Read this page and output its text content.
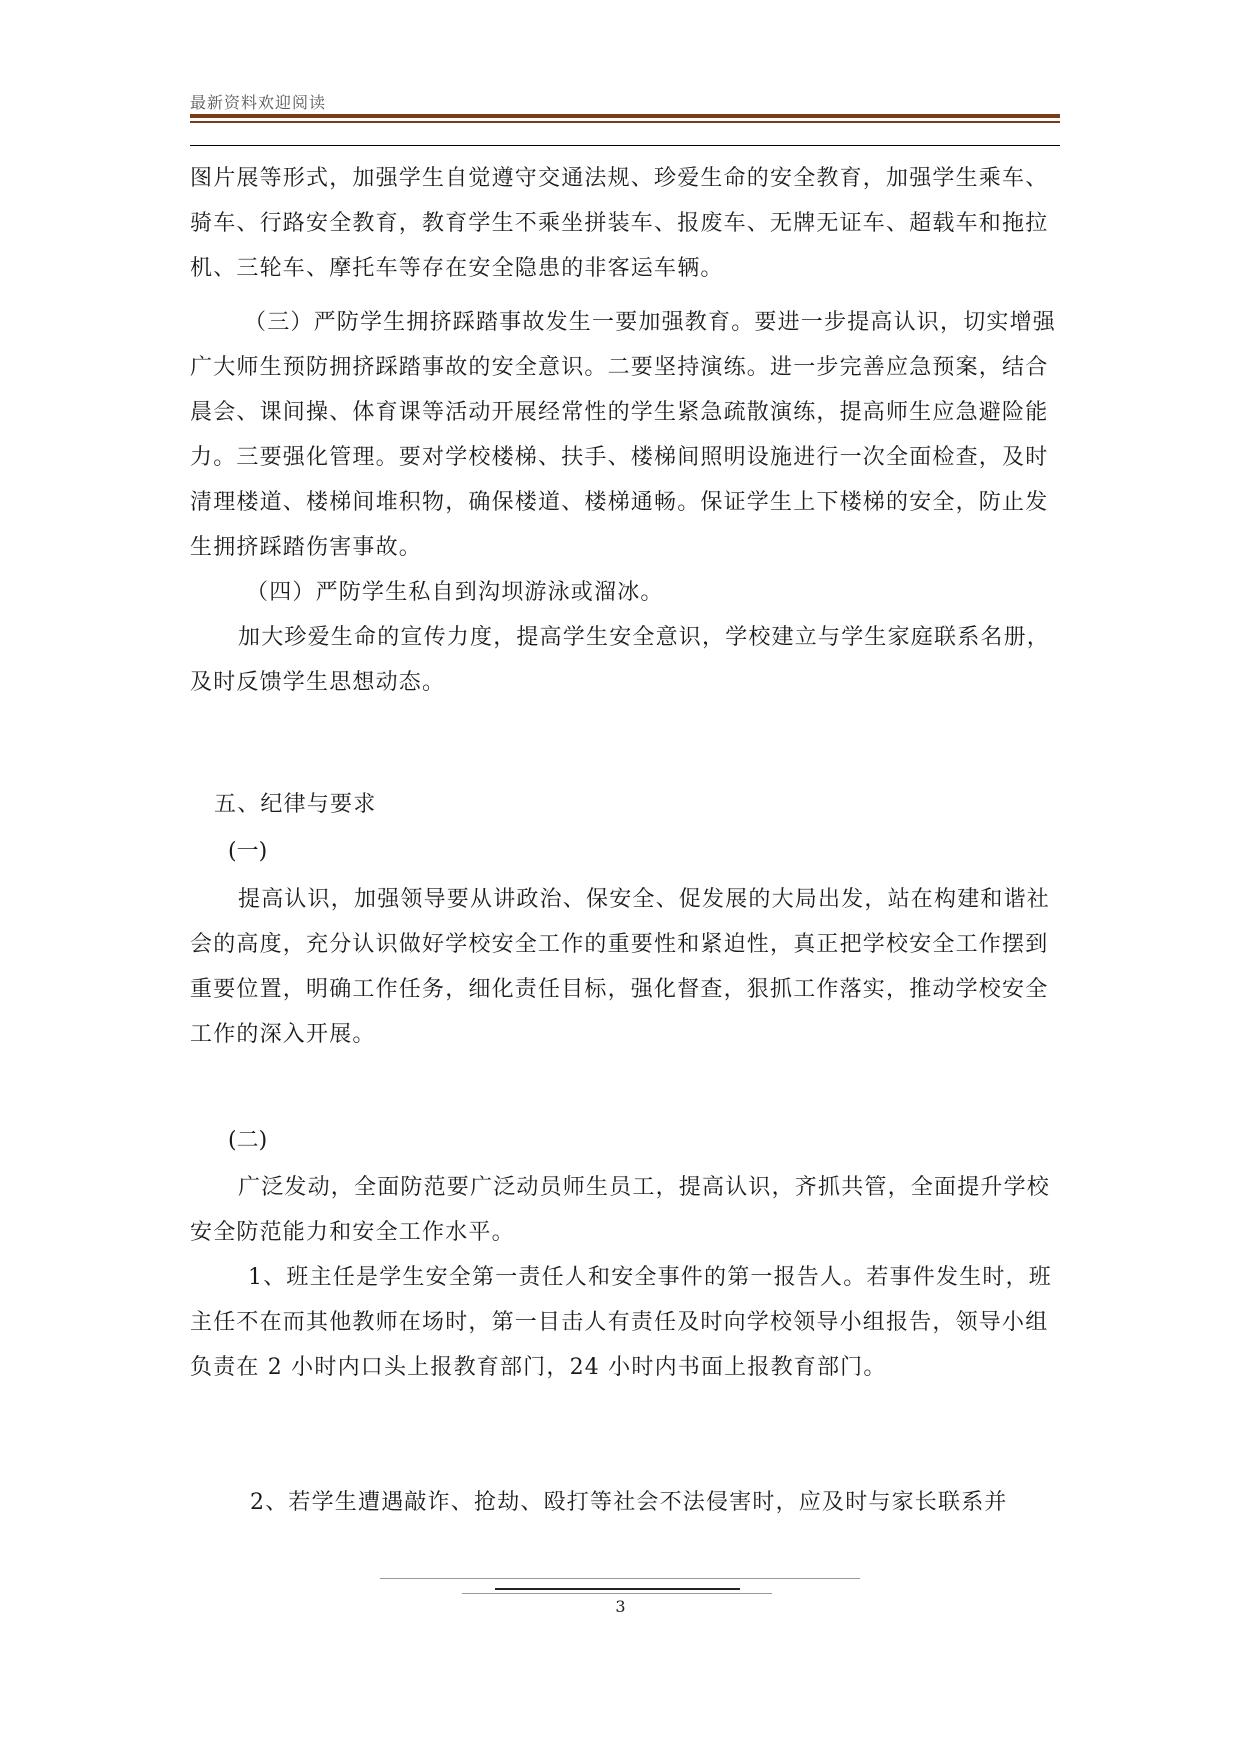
最新资料欢迎阅读

图片展等形式，加强学生自觉遵守交通法规、珍爱生命的安全教育，加强学生乘车、骑车、行路安全教育，教育学生不乘坐拼装车、报废车、无牌无证车、超载车和拖拉机、三轮车、摩托车等存在安全隐患的非客运车辆。

（三）严防学生拥挤踩踏事故发生一要加强教育。要进一步提高认识，切实增强广大师生预防拥挤踩踏事故的安全意识。二要坚持演练。进一步完善应急预案，结合晨会、课间操、体育课等活动开展经常性的学生紧急疏散演练，提高师生应急避险能力。三要强化管理。要对学校楼梯、扶手、楼梯间照明设施进行一次全面检查，及时清理楼道、楼梯间堆积物，确保楼道、楼梯通畅。保证学生上下楼梯的安全，防止发生拥挤踩踏伤害事故。

（四）严防学生私自到沟坝游泳或溜冰。

加大珍爱生命的宣传力度，提高学生安全意识，学校建立与学生家庭联系名册，及时反馈学生思想动态。

五、纪律与要求

(一)

提高认识，加强领导要从讲政治、保安全、促发展的大局出发，站在构建和谐社会的高度，充分认识做好学校安全工作的重要性和紧迫性，真正把学校安全工作摆到重要位置，明确工作任务，细化责任目标，强化督查，狠抓工作落实，推动学校安全工作的深入开展。

(二)

广泛发动，全面防范要广泛动员师生员工，提高认识，齐抓共管，全面提升学校安全防范能力和安全工作水平。

1、班主任是学生安全第一责任人和安全事件的第一报告人。若事件发生时，班主任不在而其他教师在场时，第一目击人有责任及时向学校领导小组报告，领导小组负责在 2 小时内口头上报教育部门，24 小时内书面上报教育部门。

2、若学生遭遇敲诈、抢劫、殴打等社会不法侵害时，应及时与家长联系并

3
